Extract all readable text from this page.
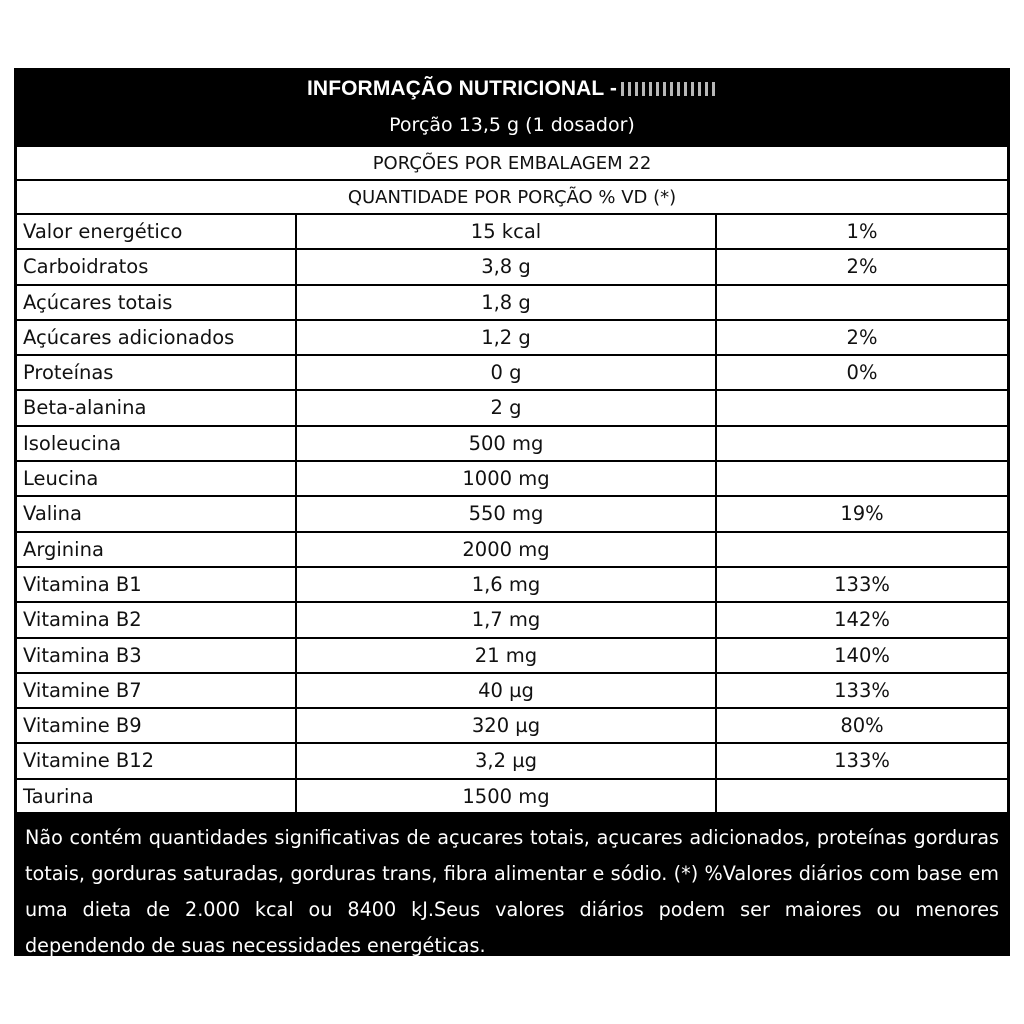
INFORMAÇÃO NUTRICIONAL -
Porção 13,5 g (1 dosador)
PORÇÕES POR EMBALAGEM 22
QUANTIDADE POR PORÇÃO % VD (*)
Valor energético	15 kcal	1%
Carboidratos	3,8 g	2%
Açúcares totais	1,8 g
Açúcares adicionados	1,2 g	2%
Proteínas	0 g	0%
Beta-alanina	2 g
Isoleucina	500 mg
Leucina	1000 mg
Valina	550 mg	19%
Arginina	2000 mg
Vitamina B1	1,6 mg	133%
Vitamina B2	1,7 mg	142%
Vitamina B3	21 mg	140%
Vitamine B7	40 µg	133%
Vitamine B9	320 µg	80%
Vitamine B12	3,2 µg	133%
Taurina	1500 mg
Não contém quantidades significativas de açucares totais, açucares adicionados, proteínas gorduras totais, gorduras saturadas, gorduras trans, fibra alimentar e sódio. (*) %Valores diários com base em uma dieta de 2.000 kcal ou 8400 kJ.Seus valores diários podem ser maiores ou menores dependendo de suas necessidades energéticas.
